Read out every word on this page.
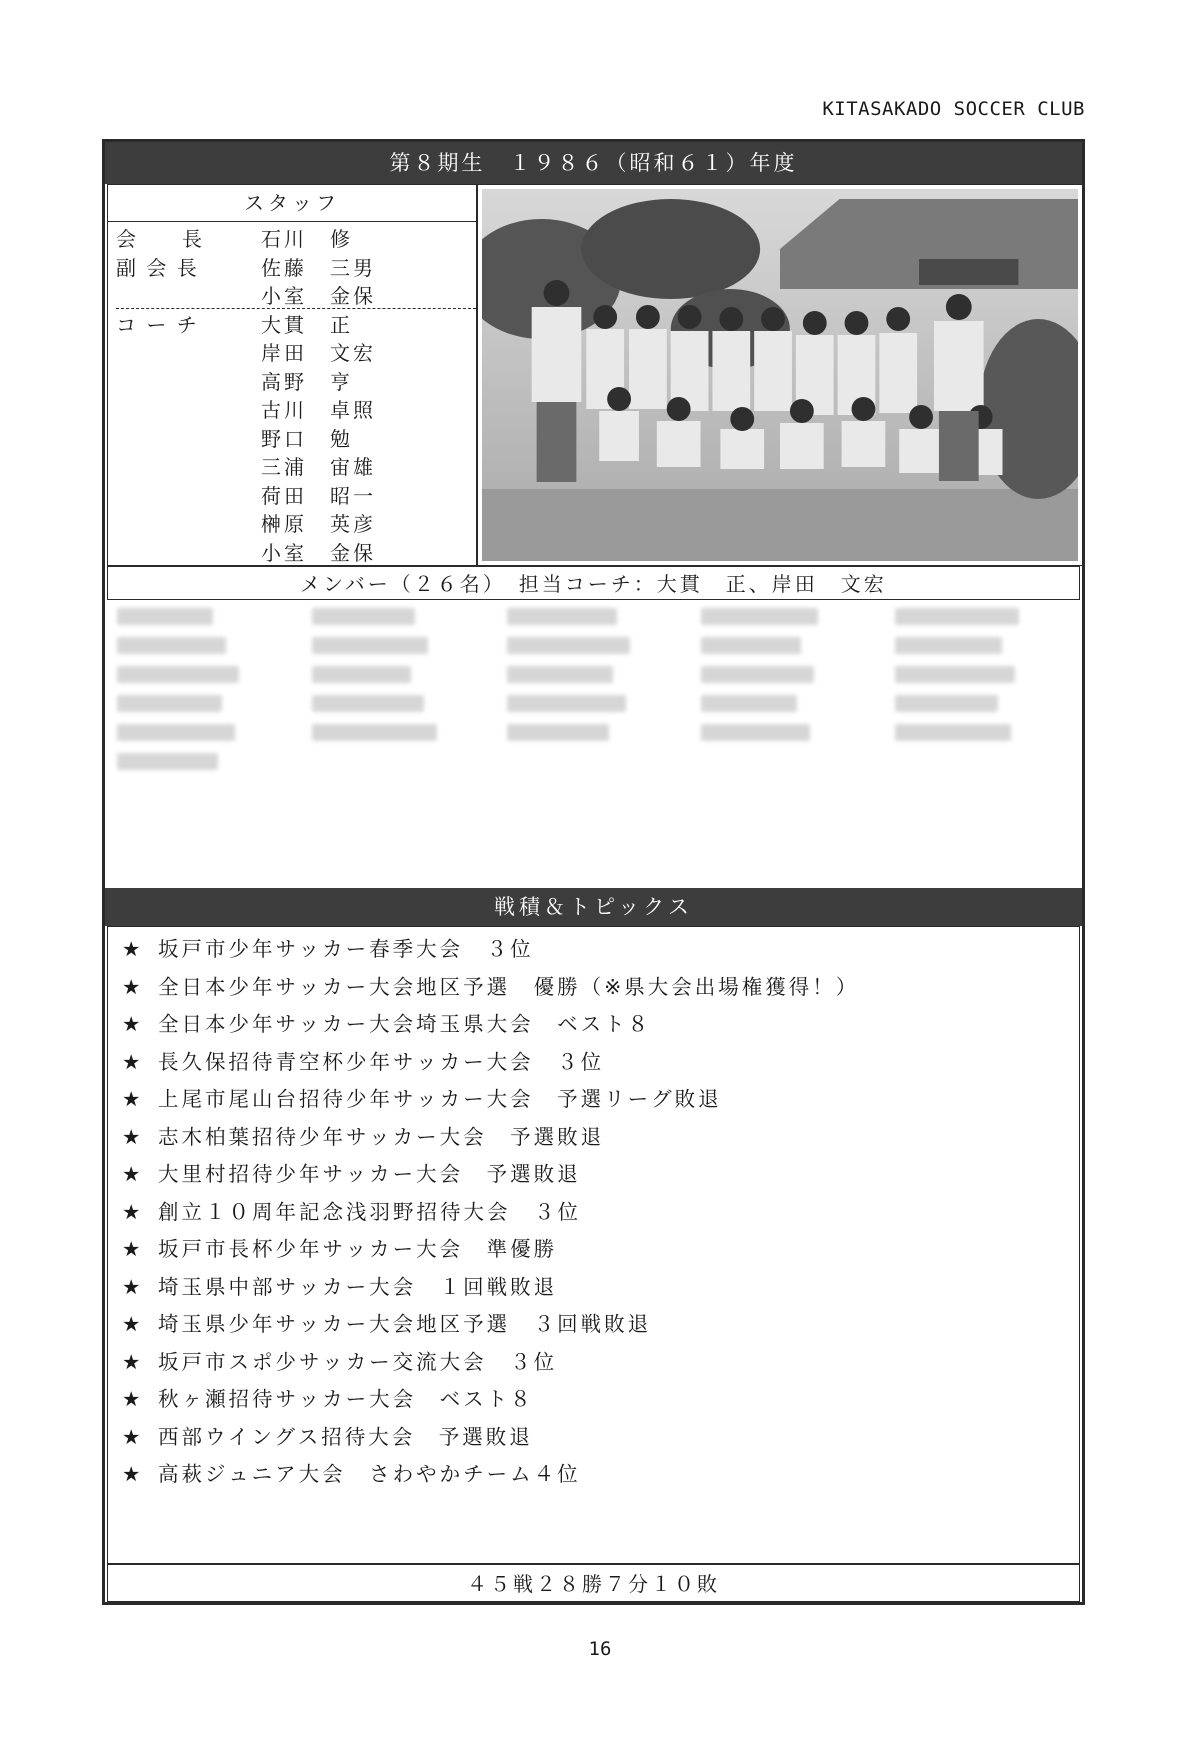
KITASAKADO SOCCER CLUB
第８期生　１９８６（昭和６１）年度
スタッフ
会　　長	石川　修
副 会 長	佐藤　三男
小室　金保
コ ー チ	大貫　正
岸田　文宏
高野　亨
古川　卓照
野口　勉
三浦　宙雄
荷田　昭一
榊原　英彦
小室　金保
メンバー（２６名）　担当コーチ：大貫　正、岸田　文宏
戦積＆トピックス
★ 坂戸市少年サッカー春季大会　３位
★ 全日本少年サッカー大会地区予選　優勝（※県大会出場権獲得！）
★ 全日本少年サッカー大会埼玉県大会　ベスト８
★ 長久保招待青空杯少年サッカー大会　３位
★ 上尾市尾山台招待少年サッカー大会　予選リーグ敗退
★ 志木柏葉招待少年サッカー大会　予選敗退
★ 大里村招待少年サッカー大会　予選敗退
★ 創立１０周年記念浅羽野招待大会　３位
★ 坂戸市長杯少年サッカー大会　準優勝
★ 埼玉県中部サッカー大会　１回戦敗退
★ 埼玉県少年サッカー大会地区予選　３回戦敗退
★ 坂戸市スポ少サッカー交流大会　３位
★ 秋ヶ瀬招待サッカー大会　ベスト８
★ 西部ウイングス招待大会　予選敗退
★ 高萩ジュニア大会　さわやかチーム４位
４５戦２８勝７分１０敗
16
